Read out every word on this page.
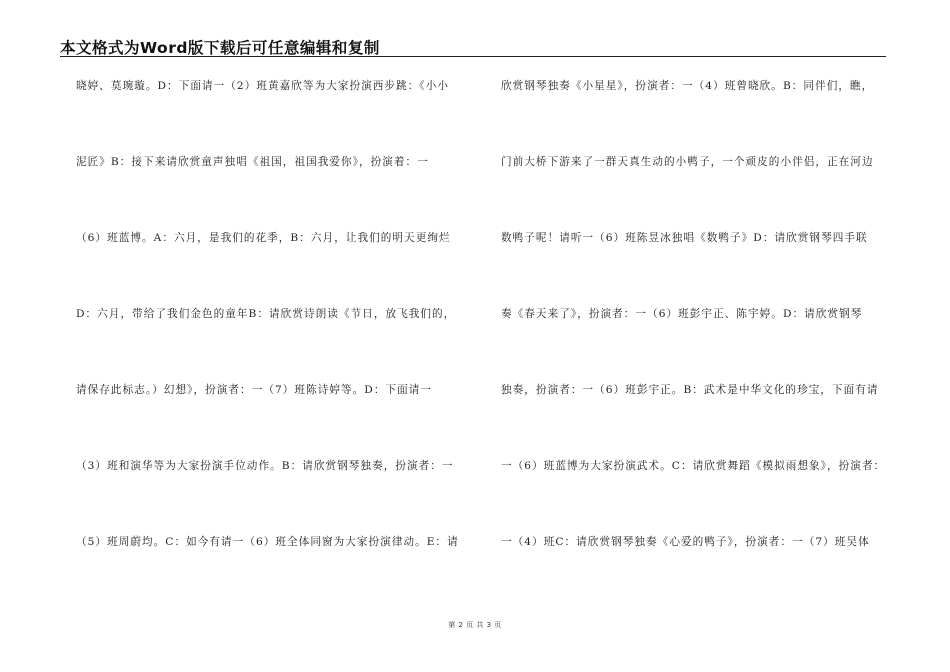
本文格式为Word版下载后可任意编辑和复制
晓婷、莫琬璇。D：下面请一（2）班黄嘉欣等为大家扮演西步跳：《小小
泥匠》B：接下来请欣赏童声独唱《祖国，祖国我爱你》，扮演着：一
（6）班蓝博。A：六月，是我们的花季，B：六月，让我们的明天更绚烂
D：六月，带给了我们金色的童年B：请欣赏诗朗读《节日，放飞我们的，
请保存此标志。）幻想》，扮演者：一（7）班陈诗婷等。D：下面请一
（3）班和演华等为大家扮演手位动作。B：请欣赏钢琴独奏，扮演者：一
（5）班周蔚均。C：如今有请一（6）班全体同窗为大家扮演律动。E：请
欣赏钢琴独奏《小星星》，扮演者：一（4）班曾晓欣。B：同伴们，瞧，
门前大桥下游来了一群天真生动的小鸭子，一个顽皮的小伴侣，正在河边
数鸭子呢！请听一（6）班陈昱冰独唱《数鸭子》D：请欣赏钢琴四手联
奏《春天来了》，扮演者：一（6）班彭宇正、陈宇婷。D：请欣赏钢琴
独奏，扮演者：一（6）班彭宇正。B：武术是中华文化的珍宝，下面有请
一（6）班蓝博为大家扮演武术。C：请欣赏舞蹈《模拟雨想象》，扮演者：
一（4）班C：请欣赏钢琴独奏《心爱的鸭子》，扮演者：一（7）班吴体
第 2 页 共 3 页
